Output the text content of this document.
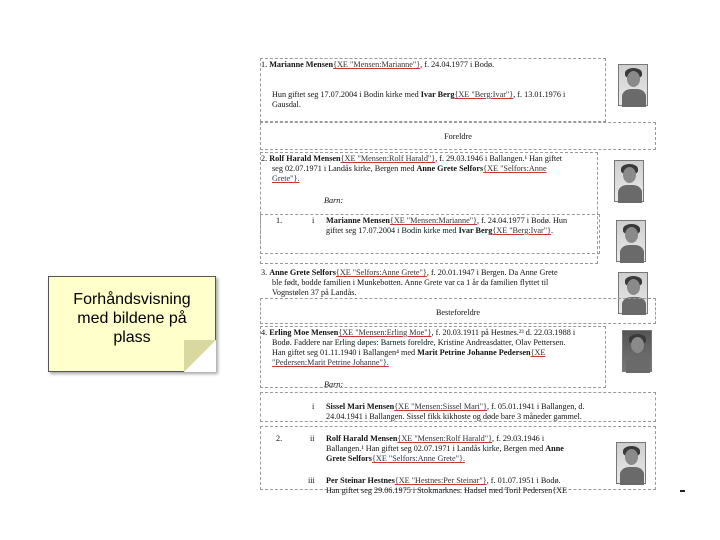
Forhåndsvisning
med bildene på
plass
1. Marianne Mensen{XE "Mensen:Marianne"}, f. 24.04.1977 i Bodø.
Hun giftet seg 17.07.2004 i Bodin kirke med Ivar Berg{XE "Berg:Ivar"}, f. 13.01.1976 i
Gausdal.
Foreldre
2. Rolf Harald Mensen{XE "Mensen:Rolf Harald"}, f. 29.03.1946 i Ballangen.¹ Han giftet
seg 02.07.1971 i Landås kirke, Bergen med Anne Grete Selfors{XE "Selfors:Anne
Grete"}.
Barn:
1.	i Marianne Mensen{XE "Mensen:Marianne"}, f. 24.04.1977 i Bodø. Hun
giftet seg 17.07.2004 i Bodin kirke med Ivar Berg{XE "Berg:Ivar"}.
3. Anne Grete Selfors{XE "Selfors:Anne Grete"}, f. 20.01.1947 i Bergen. Da Anne Grete
ble født, bodde familien i Munkebotten. Anne Grete var ca 1 år da familien flyttet til
Vognstølen 37 på Landås.
Besteforeldre
4. Erling Moe Mensen{XE "Mensen:Erling Moe"}, f. 20.03.1911 på Hestnes.²³ d. 22.03.1988 i
Bodø. Faddere nar Erling døpes: Barnets foreldre, Kristine Andreasdatter, Olav Pettersen.
Han giftet seg 01.11.1940 i Ballangen⁴ med Marit Petrine Johanne Pedersen{XE
"Pedersen:Marit Petrine Johanne"}.
Barn:
i Sissel Mari Mensen{XE "Mensen:Sissel Mari"}, f. 05.01.1941 i Ballangen, d.
24.04.1941 i Ballangen. Sissel fikk kikhoste og døde bare 3 måneder gammel.
2.	ii Rolf Harald Mensen{XE "Mensen:Rolf Harald"}, f. 29.03.1946 i
Ballangen.¹ Han giftet seg 02.07.1971 i Landås kirke, Bergen med Anne
Grete Selfors{XE "Selfors:Anne Grete"}.
iii Per Steinar Hestnes{XE "Hestnes:Per Steinar"}, f. 01.07.1951 i Bodø.
Han giftet seg 29.06.1975 i Stokmarknes. Hadsel med Toril Pedersen{XE
